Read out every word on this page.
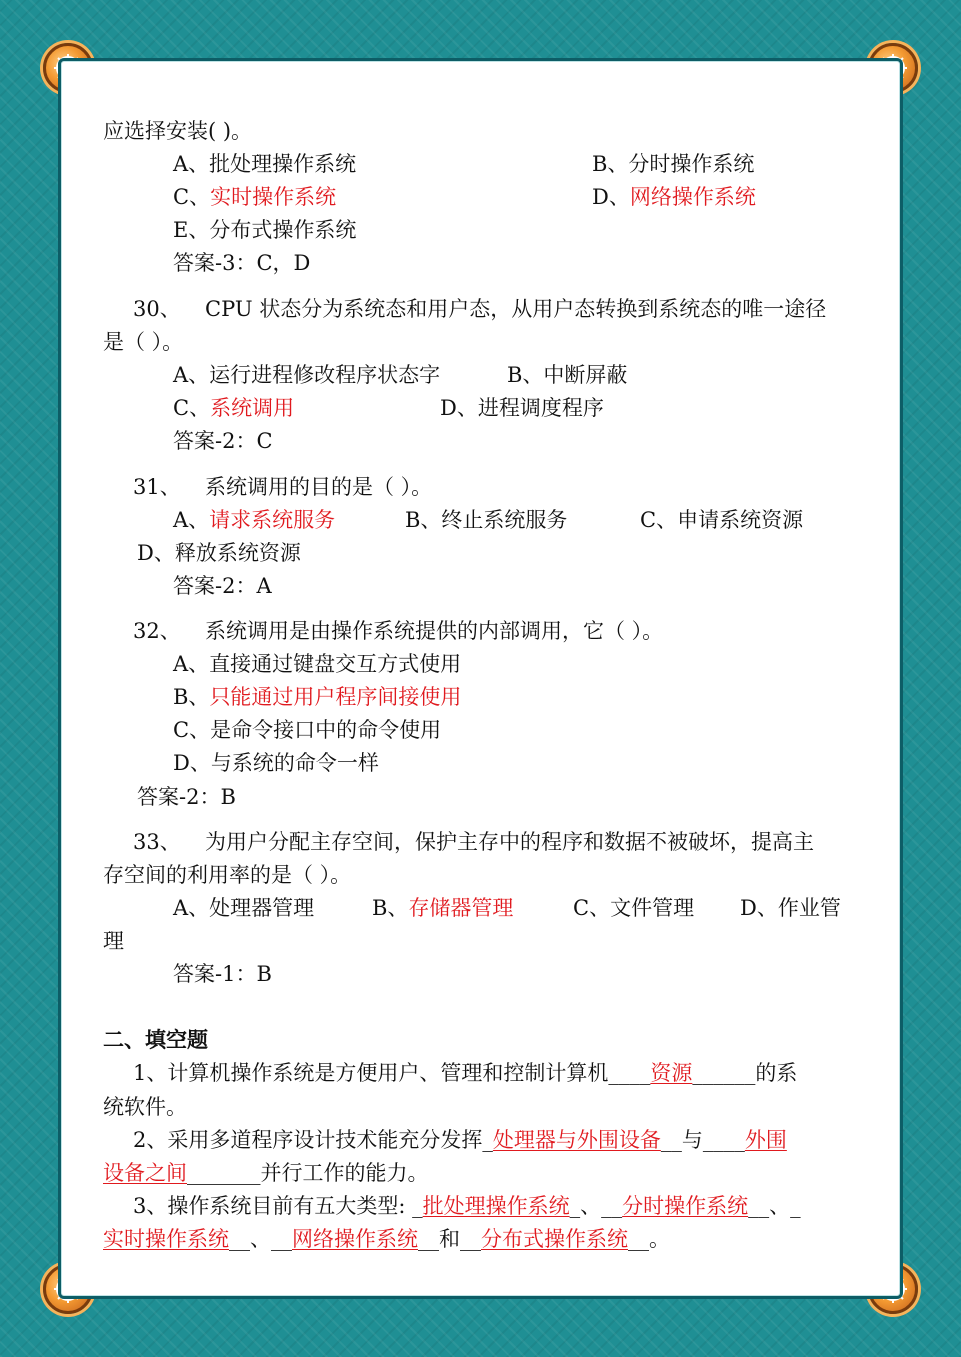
应选择安装( )。
A、批处理操作系统	B、分时操作系统
C、实时操作系统	D、网络操作系统
E、分布式操作系统
答案-3：C，D
30、 CPU 状态分为系统态和用户态，从用户态转换到系统态的唯一途径
是（ ）。
A、运行进程修改程序状态字	B、中断屏蔽
C、系统调用	D、进程调度程序
答案-2：C
31、 系统调用的目的是（ ）。
A、请求系统服务	B、终止系统服务	C、申请系统资源
D、释放系统资源
答案-2：A
32、 系统调用是由操作系统提供的内部调用，它（ ）。
A、直接通过键盘交互方式使用
B、只能通过用户程序间接使用
C、是命令接口中的命令使用
D、与系统的命令一样
答案-2：B
33、 为用户分配主存空间，保护主存中的程序和数据不被破坏，提高主
存空间的利用率的是（ ）。
A、处理器管理	B、存储器管理	C、文件管理 D、作业管
理
答案-1：B
二、填空题
1、计算机操作系统是方便用户、管理和控制计算机____资源______的系
统软件。
2、采用多道程序设计技术能充分发挥_处理器与外围设备__与____外围
设备之间_______并行工作的能力。
3、操作系统目前有五大类型: _批处理操作系统_、__分时操作系统__、_
实时操作系统__、__网络操作系统__和__分布式操作系统__。
